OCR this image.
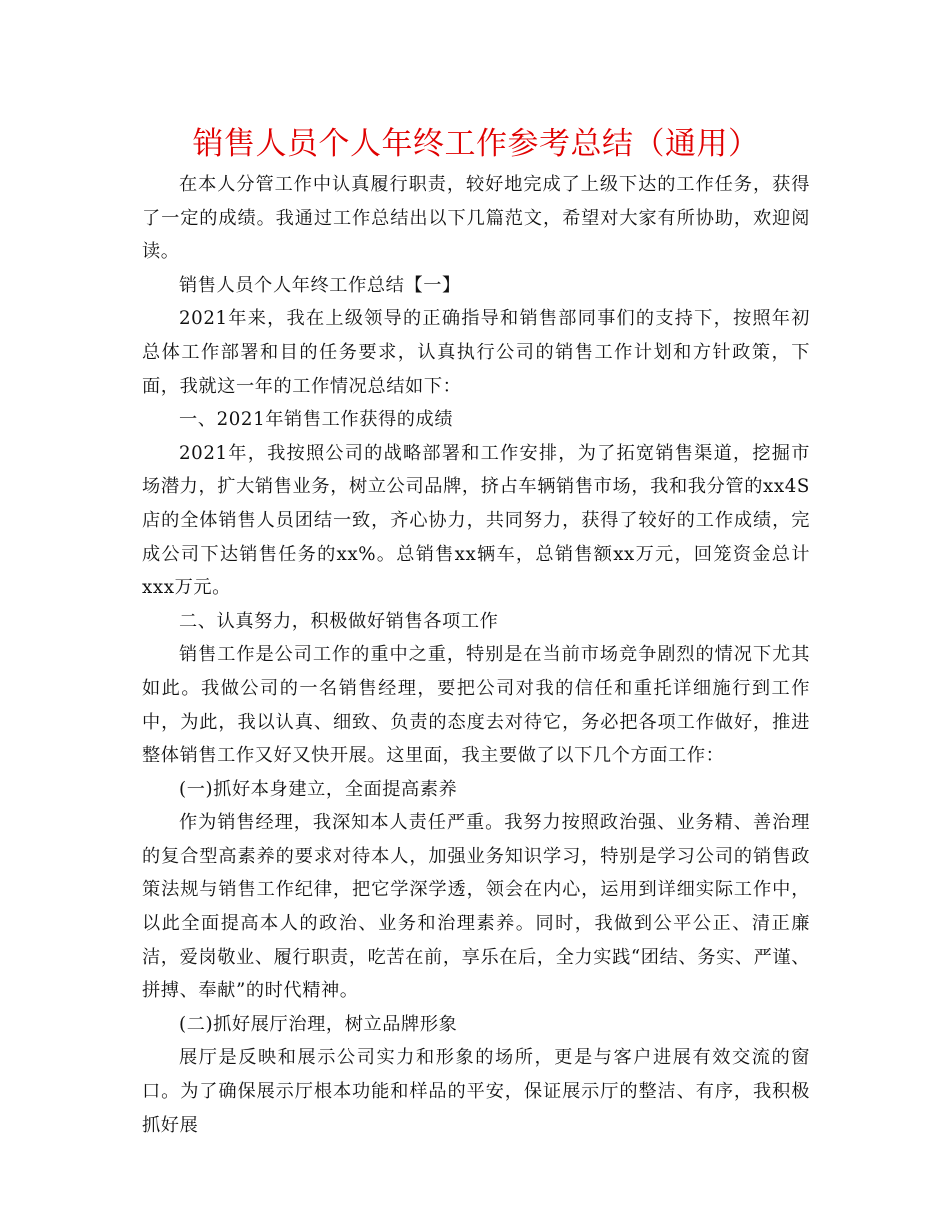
销售人员个人年终工作参考总结（通用）

在本人分管工作中认真履行职责，较好地完成了上级下达的工作任务，获得了一定的成绩。我通过工作总结出以下几篇范文，希望对大家有所协助，欢迎阅读。

销售人员个人年终工作总结【一】

2021年来，我在上级领导的正确指导和销售部同事们的支持下，按照年初总体工作部署和目的任务要求，认真执行公司的销售工作计划和方针政策，下面，我就这一年的工作情况总结如下：

一、2021年销售工作获得的成绩

2021年，我按照公司的战略部署和工作安排，为了拓宽销售渠道，挖掘市场潜力，扩大销售业务，树立公司品牌，挤占车辆销售市场，我和我分管的xx4S店的全体销售人员团结一致，齐心协力，共同努力，获得了较好的工作成绩，完成公司下达销售任务的xx%。总销售xx辆车，总销售额xx万元，回笼资金总计xxx万元。

二、认真努力，积极做好销售各项工作

销售工作是公司工作的重中之重，特别是在当前市场竞争剧烈的情况下尤其如此。我做公司的一名销售经理，要把公司对我的信任和重托详细施行到工作中，为此，我以认真、细致、负责的态度去对待它，务必把各项工作做好，推进整体销售工作又好又快开展。这里面，我主要做了以下几个方面工作：

(一)抓好本身建立，全面提高素养

作为销售经理，我深知本人责任严重。我努力按照政治强、业务精、善治理的复合型高素养的要求对待本人，加强业务知识学习，特别是学习公司的销售政策法规与销售工作纪律，把它学深学透，领会在内心，运用到详细实际工作中，以此全面提高本人的政治、业务和治理素养。同时，我做到公平公正、清正廉洁，爱岗敬业、履行职责，吃苦在前，享乐在后，全力实践“团结、务实、严谨、拼搏、奉献”的时代精神。

(二)抓好展厅治理，树立品牌形象

展厅是反映和展示公司实力和形象的场所，更是与客户进展有效交流的窗口。为了确保展示厅根本功能和样品的平安，保证展示厅的整洁、有序，我积极抓好展
